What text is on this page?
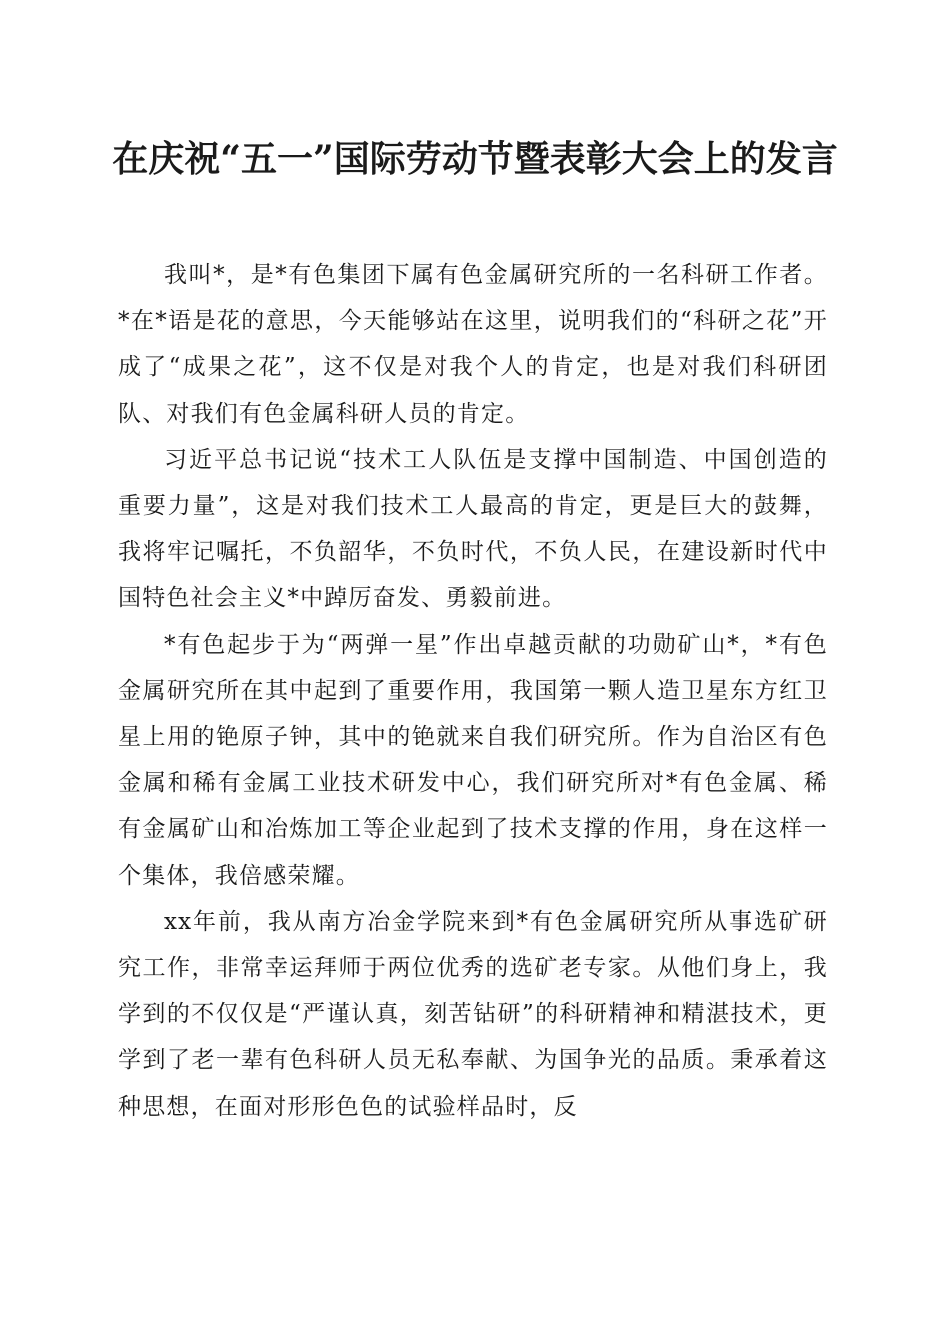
在庆祝“五一”国际劳动节暨表彰大会上的发言

我叫*，是*有色集团下属有色金属研究所的一名科研工作者。*在*语是花的意思，今天能够站在这里，说明我们的“科研之花”开成了“成果之花”，这不仅是对我个人的肯定，也是对我们科研团队、对我们有色金属科研人员的肯定。

习近平总书记说“技术工人队伍是支撑中国制造、中国创造的重要力量”，这是对我们技术工人最高的肯定，更是巨大的鼓舞，我将牢记嘱托，不负韶华，不负时代，不负人民，在建设新时代中国特色社会主义*中踔厉奋发、勇毅前进。

*有色起步于为“两弹一星”作出卓越贡献的功勋矿山*，*有色金属研究所在其中起到了重要作用，我国第一颗人造卫星东方红卫星上用的铯原子钟，其中的铯就来自我们研究所。作为自治区有色金属和稀有金属工业技术研发中心，我们研究所对*有色金属、稀有金属矿山和冶炼加工等企业起到了技术支撑的作用，身在这样一个集体，我倍感荣耀。

xx年前，我从南方冶金学院来到*有色金属研究所从事选矿研究工作，非常幸运拜师于两位优秀的选矿老专家。从他们身上，我学到的不仅仅是“严谨认真，刻苦钻研”的科研精神和精湛技术，更学到了老一辈有色科研人员无私奉献、为国争光的品质。秉承着这种思想，在面对形形色色的试验样品时，反
